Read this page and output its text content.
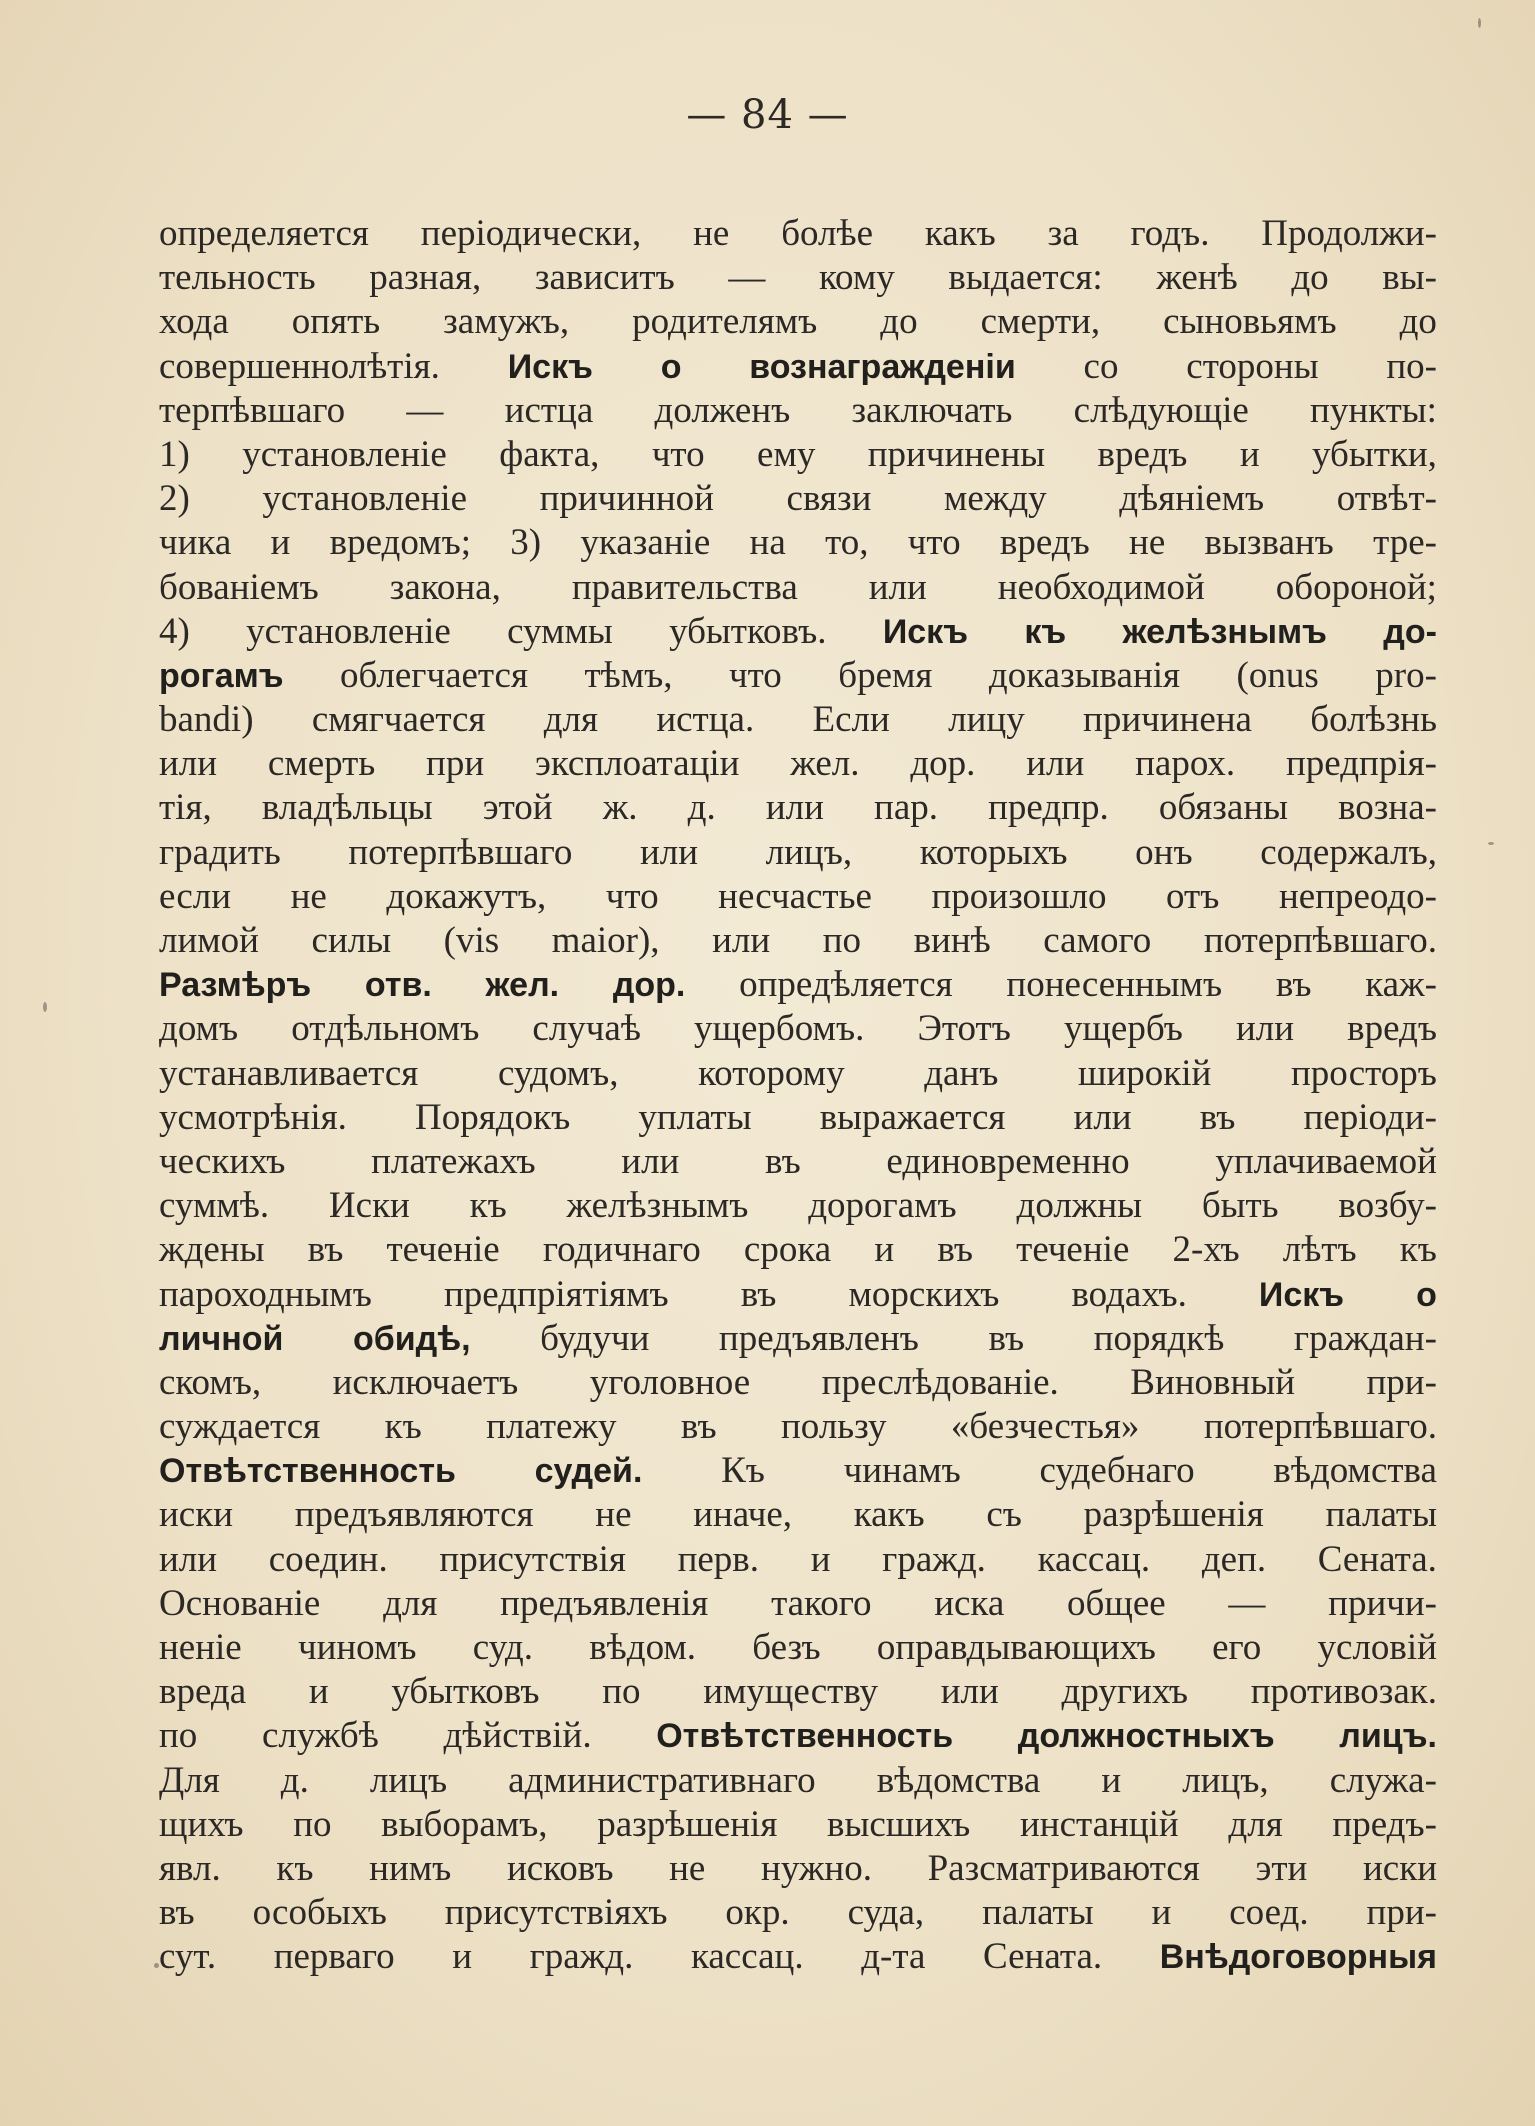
— 84 —
определяется періодически, не болѣе какъ за годъ. Продолжи-
тельность разная, зависитъ — кому выдается: женѣ до вы-
хода опять замужъ, родителямъ до смерти, сыновьямъ до
совершеннолѣтія. Искъ о вознагражденіи со стороны по-
терпѣвшаго — истца долженъ заключать слѣдующіе пункты:
1) установленіе факта, что ему причинены вредъ и убытки,
2) установленіе причинной связи между дѣяніемъ отвѣт-
чика и вредомъ; 3) указаніе на то, что вредъ не вызванъ тре-
бованіемъ закона, правительства или необходимой обороной;
4) установленіе суммы убытковъ. Искъ къ желѣзнымъ до-
рогамъ облегчается тѣмъ, что бремя доказыванія (onus pro-
bandi) смягчается для истца. Если лицу причинена болѣзнь
или смерть при эксплоатаціи жел. дор. или парох. предпрія-
тія, владѣльцы этой ж. д. или пар. предпр. обязаны возна-
градить потерпѣвшаго или лицъ, которыхъ онъ содержалъ,
если не докажутъ, что несчастье произошло отъ непреодо-
лимой силы (vis maior), или по винѣ самого потерпѣвшаго.
Размѣръ отв. жел. дор. опредѣляется понесеннымъ въ каж-
домъ отдѣльномъ случаѣ ущербомъ. Этотъ ущербъ или вредъ
устанавливается судомъ, которому данъ широкій просторъ
усмотрѣнія. Порядокъ уплаты выражается или въ періоди-
ческихъ платежахъ или въ единовременно уплачиваемой
суммѣ. Иски къ желѣзнымъ дорогамъ должны быть возбу-
ждены въ теченіе годичнаго срока и въ теченіе 2-хъ лѣтъ къ
пароходнымъ предпріятіямъ въ морскихъ водахъ. Искъ о
личной обидѣ, будучи предъявленъ въ порядкѣ граждан-
скомъ, исключаетъ уголовное преслѣдованіе. Виновный при-
суждается къ платежу въ пользу «безчестья» потерпѣвшаго.
Отвѣтственность судей. Къ чинамъ судебнаго вѣдомства
иски предъявляются не иначе, какъ съ разрѣшенія палаты
или соедин. присутствія перв. и гражд. кассац. деп. Сената.
Основаніе для предъявленія такого иска общее — причи-
неніе чиномъ суд. вѣдом. безъ оправдывающихъ его условій
вреда и убытковъ по имуществу или другихъ противозак.
по службѣ дѣйствій. Отвѣтственность должностныхъ лицъ.
Для д. лицъ административнаго вѣдомства и лицъ, служа-
щихъ по выборамъ, разрѣшенія высшихъ инстанцій для предъ-
явл. къ нимъ исковъ не нужно. Разсматриваются эти иски
въ особыхъ присутствіяхъ окр. суда, палаты и соед. при-
сут. перваго и гражд. кассац. д-та Сената. Внѣдоговорныя
